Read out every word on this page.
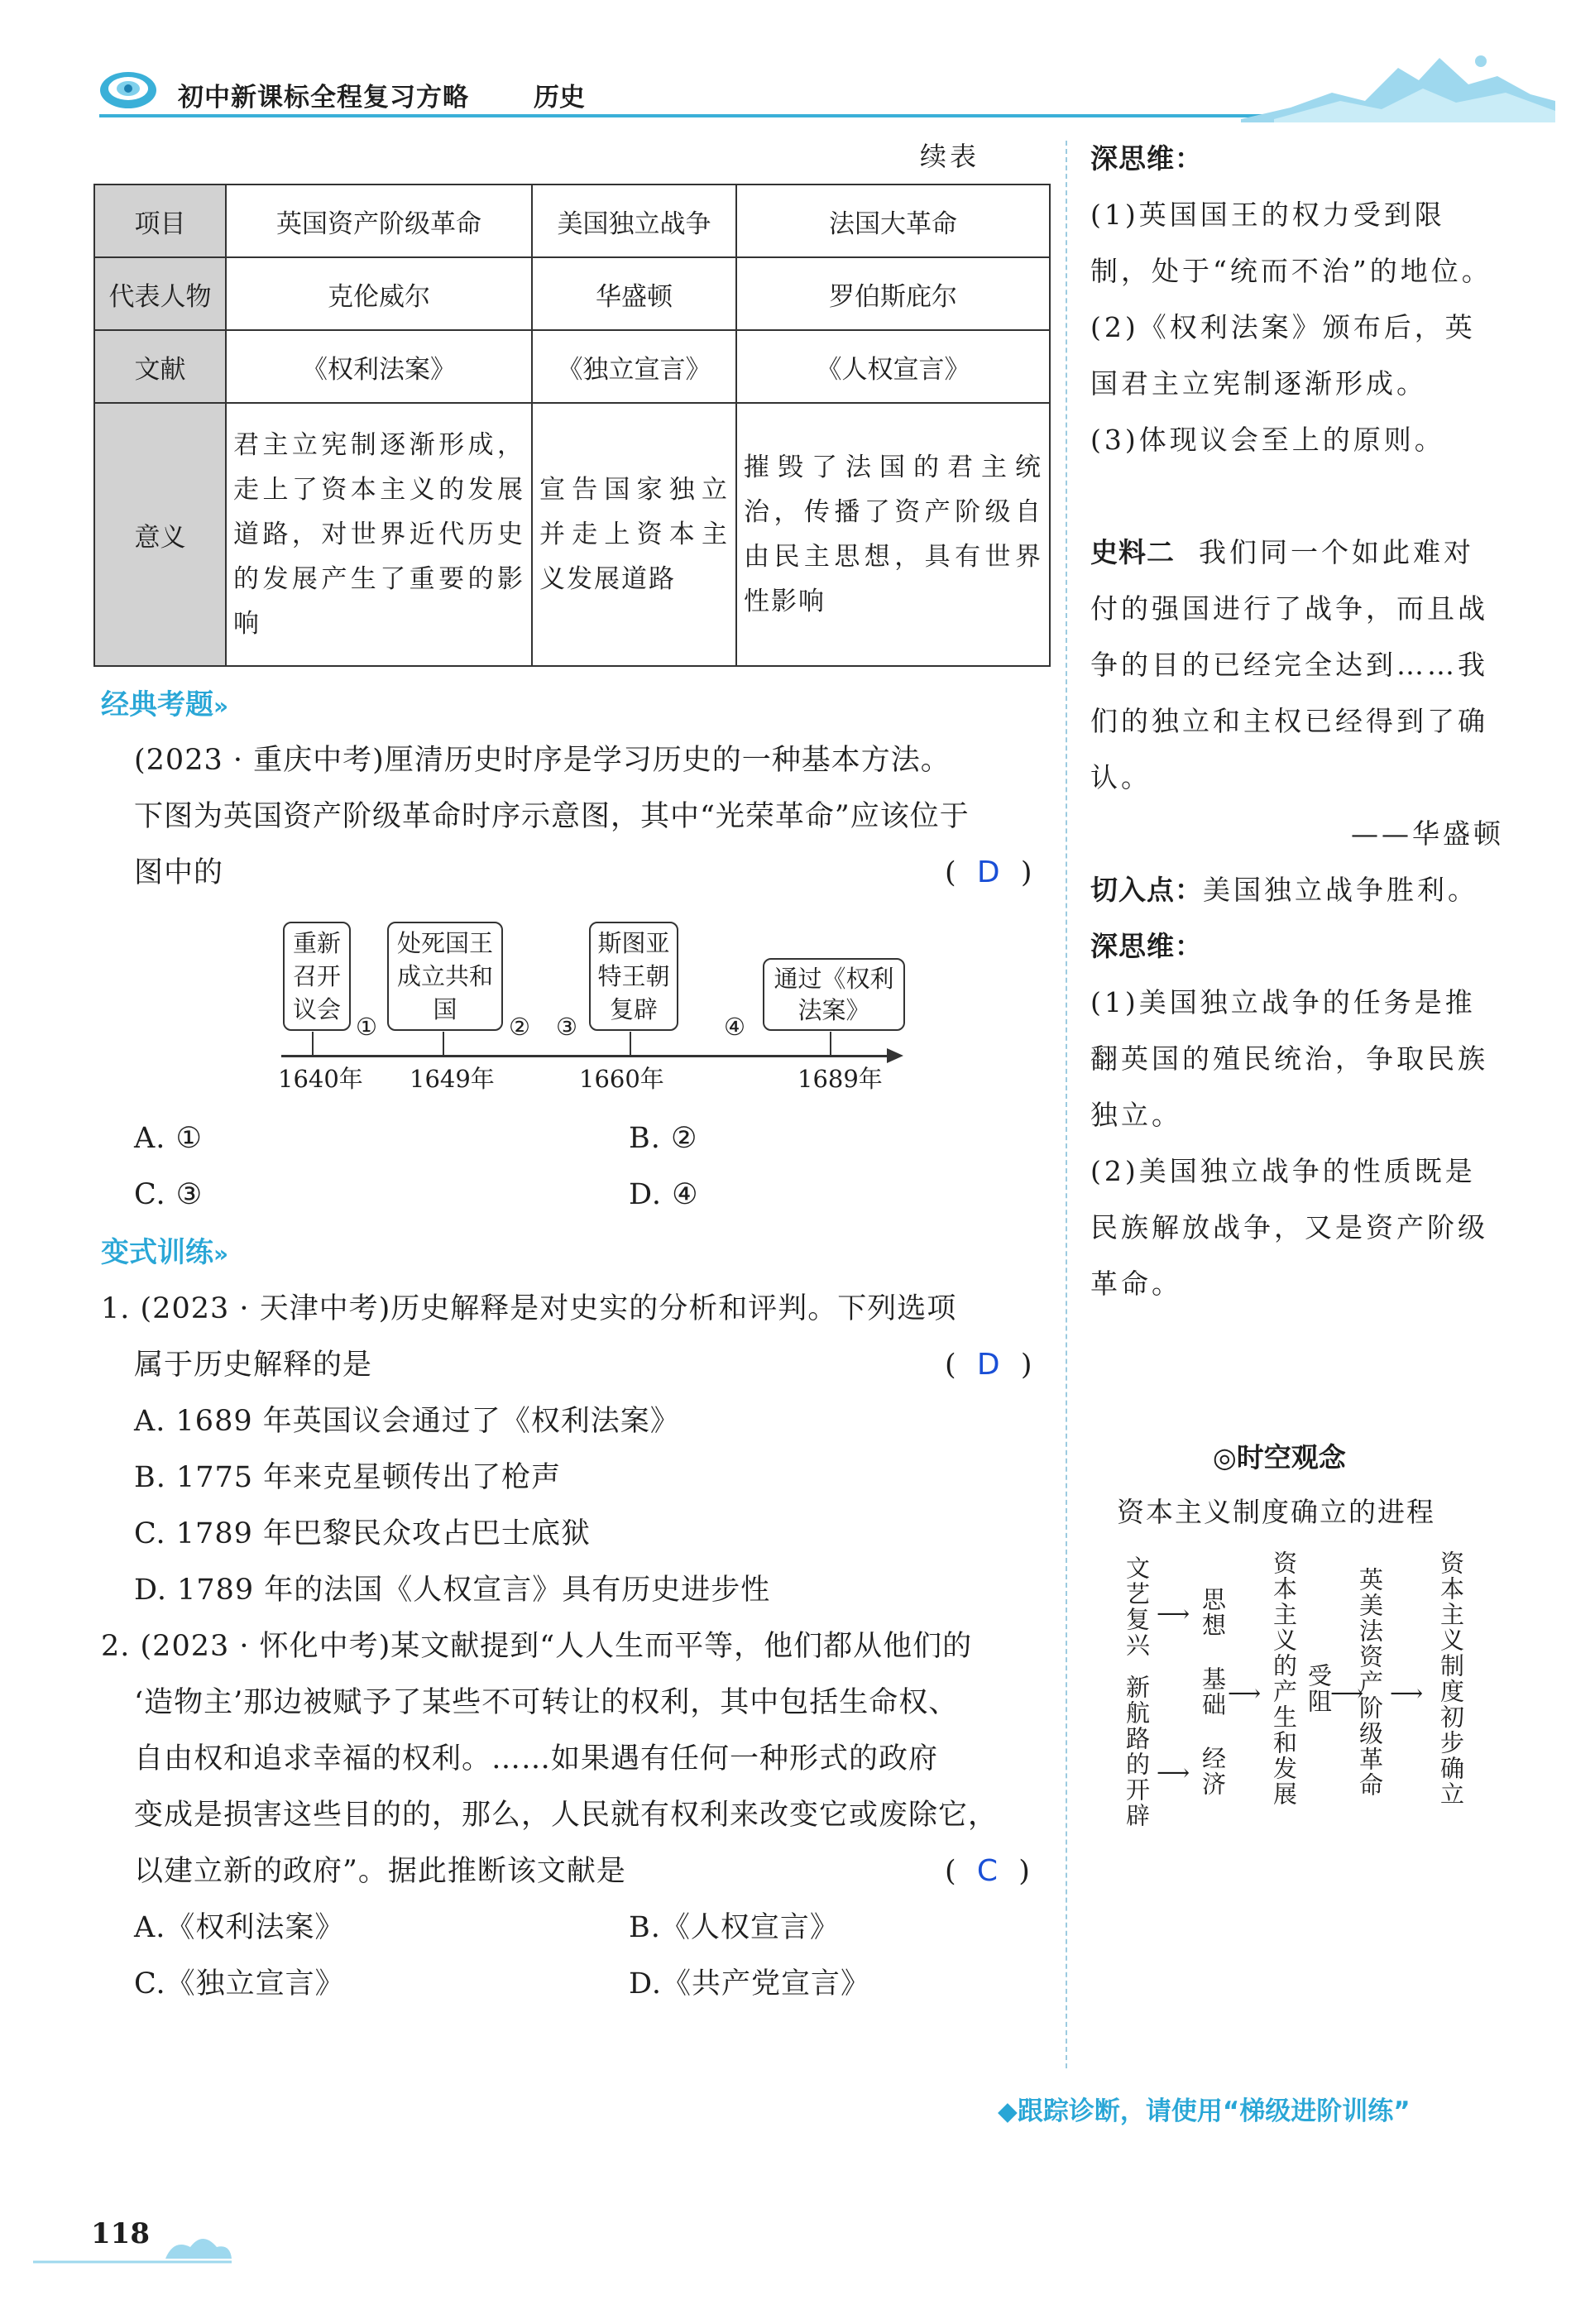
初中新课标全程复习方略	历史
续表
项目	英国资产阶级革命	美国独立战争	法国大革命
代表人物	克伦威尔	华盛顿	罗伯斯庇尔
文献	《权利法案》	《独立宣言》	《人权宣言》
意义	君主立宪制逐渐形成，走上了资本主义的发展道路，对世界近代历史的发展产生了重要的影响	宣告国家独立并走上资本主义发展道路	摧毁了法国的君主统治，传播了资产阶级自由民主思想，具有世界性影响
经典考题»
(2023 · 重庆中考)厘清历史时序是学习历史的一种基本方法。
下图为英国资产阶级革命时序示意图，其中“光荣革命”应该位于
图中的	(  D  )
重新召开议会
处死国王成立共和国
斯图亚特王朝复辟
通过《权利法案》
①	② ③	④
1640年 1649年	1660年	1689年
A. ①	B. ②
C. ③	D. ④
变式训练»
1. (2023 · 天津中考)历史解释是对史实的分析和评判。下列选项
属于历史解释的是	(  D  )
A. 1689 年英国议会通过了《权利法案》
B. 1775 年来克星顿传出了枪声
C. 1789 年巴黎民众攻占巴士底狱
D. 1789 年的法国《人权宣言》具有历史进步性
2. (2023 · 怀化中考)某文献提到“人人生而平等，他们都从他们的
‘造物主’那边被赋予了某些不可转让的权利，其中包括生命权、
自由权和追求幸福的权利。……如果遇有任何一种形式的政府
变成是损害这些目的的，那么，人民就有权利来改变它或废除它，
以建立新的政府”。据此推断该文献是	(  C  )
A.《权利法案》	B.《人权宣言》
C.《独立宣言》	D.《共产党宣言》
深思维：
(1)英国国王的权力受到限制，处于“统而不治”的地位。
(2)《权利法案》颁布后，英国君主立宪制逐渐形成。
(3)体现议会至上的原则。
史料二 我们同一个如此难对付的强国进行了战争，而且战争的目的已经完全达到……我们的独立和主权已经得到了确认。
——华盛顿
切入点：美国独立战争胜利。
深思维：
(1)美国独立战争的任务是推翻英国的殖民统治，争取民族独立。
(2)美国独立战争的性质既是民族解放战争，又是资产阶级革命。
◎时空观念
资本主义制度确立的进程
文艺复兴
新航路的开辟
⟶
⟶
思想
基础
经济
⟶ 资本主义的产生和发展 受阻
⟶
英美法资产阶级革命 ⟶ 资本主义制度初步确立
◆跟踪诊断，请使用“梯级进阶训练”
118
